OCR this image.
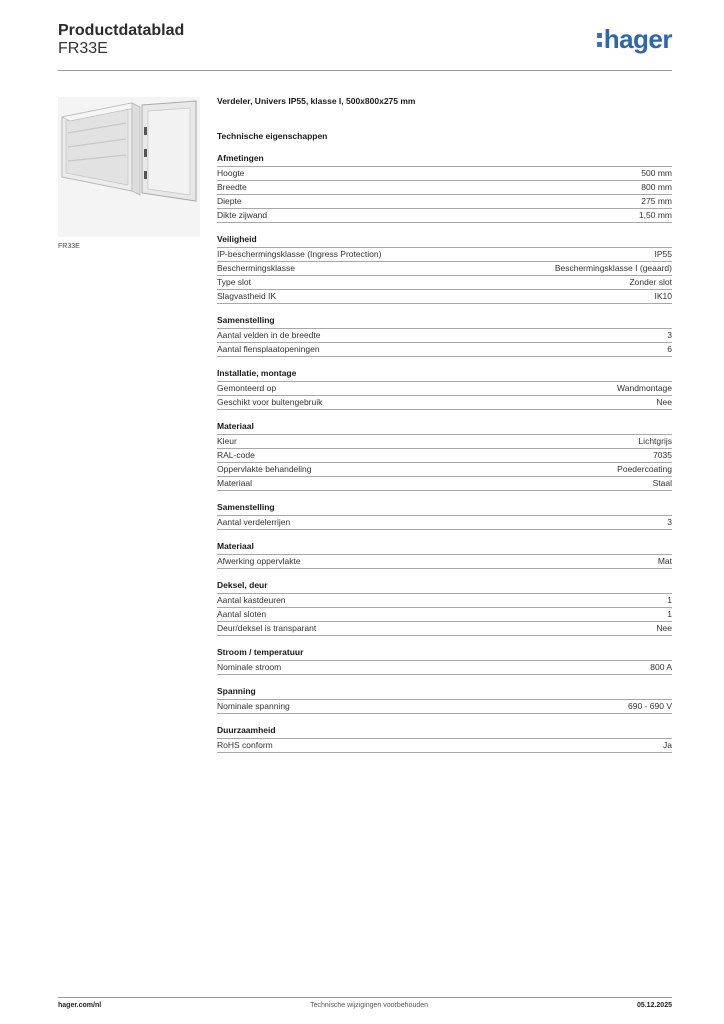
Productdatablad
FR33E	hager
FR33E
Verdeler, Univers IP55, klasse I, 500x800x275 mm
Technische eigenschappen
Afmetingen
Hoogte	500 mm
Breedte	800 mm
Diepte	275 mm
Dikte zijwand	1,50 mm
Veiligheid
IP-beschermingsklasse (Ingress Protection)	IP55
Beschermingsklasse	Beschermingsklasse I (geaard)
Type slot	Zonder slot
Slagvastheid IK	IK10
Samenstelling
Aantal velden in de breedte	3
Aantal flensplaatopeningen	6
Installatie, montage
Gemonteerd op	Wandmontage
Geschikt voor buitengebruik	Nee
Materiaal
Kleur	Lichtgrijs
RAL-code	7035
Oppervlakte behandeling	Poedercoating
Materiaal	Staal
Samenstelling
Aantal verdelerrijen	3
Materiaal
Afwerking oppervlakte	Mat
Deksel, deur
Aantal kastdeuren	1
Aantal sloten	1
Deur/deksel is transparant	Nee
Stroom / temperatuur
Nominale stroom	800 A
Spanning
Nominale spanning	690 - 690 V
Duurzaamheid
RoHS conform	Ja
hager.com/nl	Technische wijzigingen voorbehouden	05.12.2025
